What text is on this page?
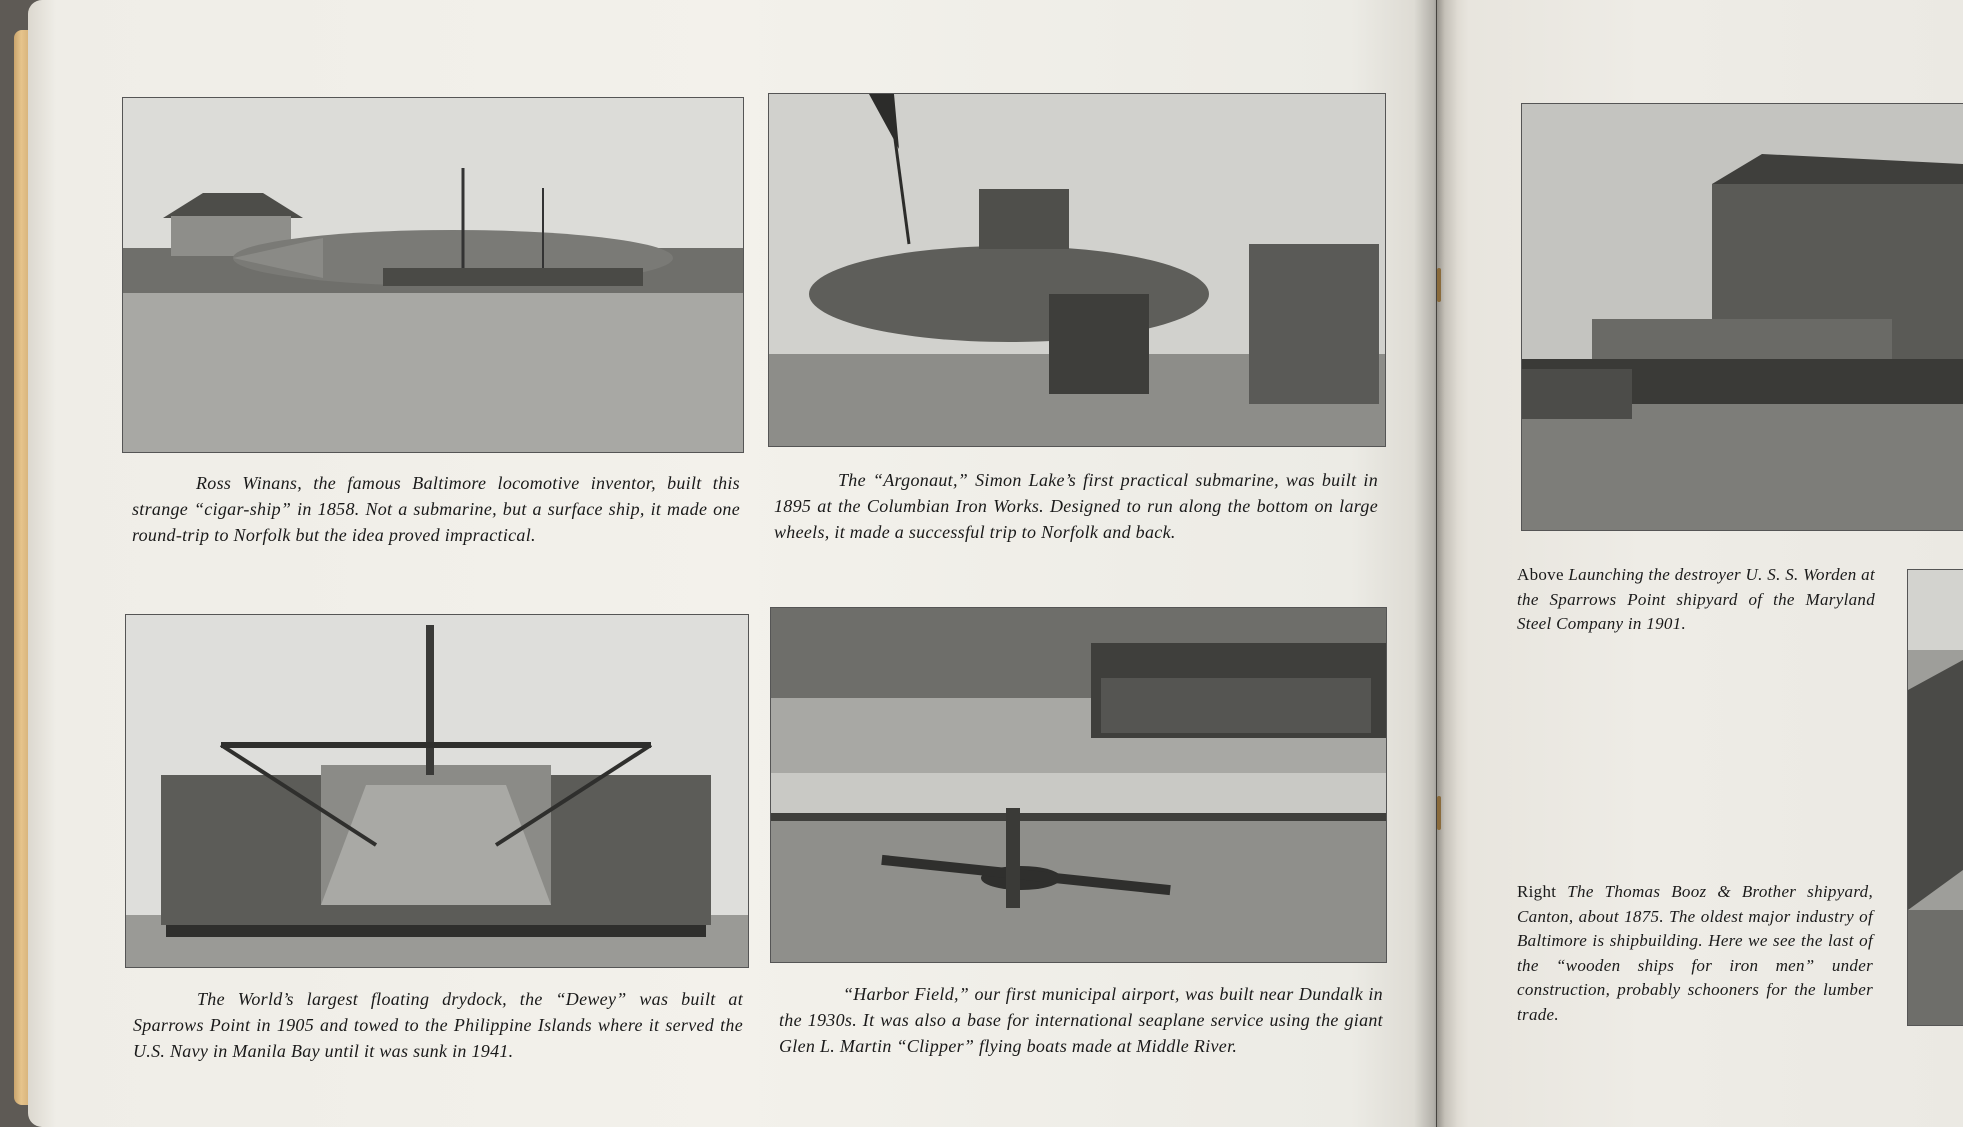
Ross Winans, the famous Baltimore locomotive inventor, built this strange “cigar-ship” in 1858. Not a submarine, but a surface ship, it made one round-trip to Norfolk but the idea proved impractical.
The “Argonaut,” Simon Lake’s first practical submarine, was built in 1895 at the Columbian Iron Works. Designed to run along the bottom on large wheels, it made a successful trip to Norfolk and back.
The World’s largest floating drydock, the “Dewey” was built at Sparrows Point in 1905 and towed to the Philippine Islands where it served the U.S. Navy in Manila Bay until it was sunk in 1941.
“Harbor Field,” our first municipal airport, was built near Dundalk in the 1930s. It was also a base for international seaplane service using the giant Glen L. Martin “Clipper” flying boats made at Middle River.
Above Launching the destroyer U. S. S. Worden at the Sparrows Point shipyard of the Maryland Steel Company in 1901.
Right The Thomas Booz & Brother shipyard, Canton, about 1875. The oldest major industry of Baltimore is shipbuilding. Here we see the last of the “wooden ships for iron men” under construction, probably schooners for the lumber trade.
